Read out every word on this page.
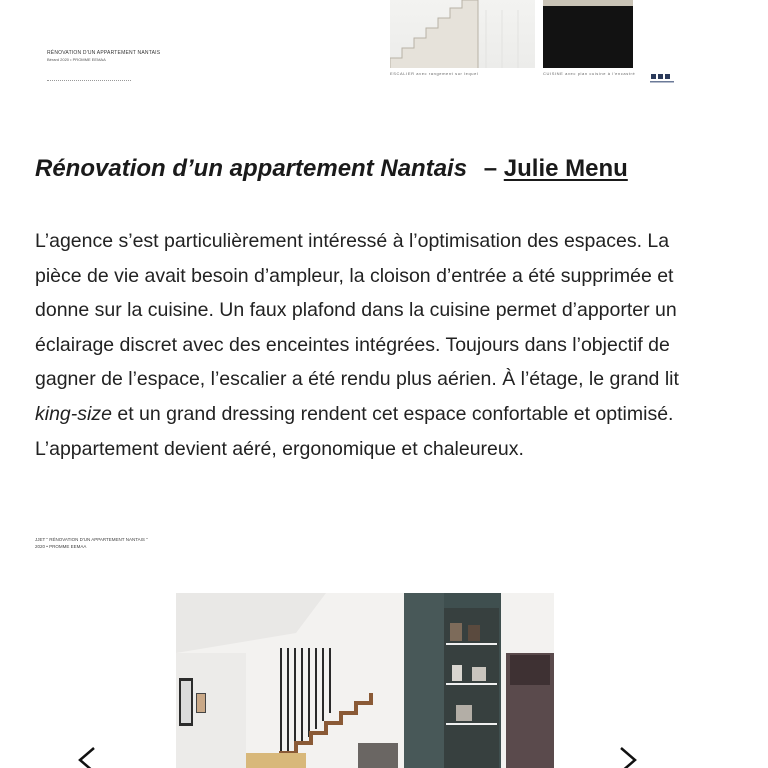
RÉNOVATION D'UN APPARTEMENT NANTAIS
Bérard 2020 • PROMME EEMAA
ESCALIER avec rangement sur lequel	CUISINE avec plan cuisine à l'encastré
Rénovation d’un appartement Nantais – Julie Menu

L’agence s’est particulièrement intéressé à l’optimisation des espaces. La pièce de vie avait besoin d’ampleur, la cloison d’entrée a été supprimée et donne sur la cuisine. Un faux plafond dans la cuisine permet d’apporter un éclairage discret avec des enceintes intégrées. Toujours dans l’objectif de gagner de l’espace, l’escalier a été rendu plus aérien. À l’étage, le grand lit king-size et un grand dressing rendent cet espace confortable et optimisé. L’appartement devient aéré, ergonomique et chaleureux.

JJET " RÉNOVATION D'UN APPARTEMENT NANTAIS "
2020 • PROMME EEMAA
